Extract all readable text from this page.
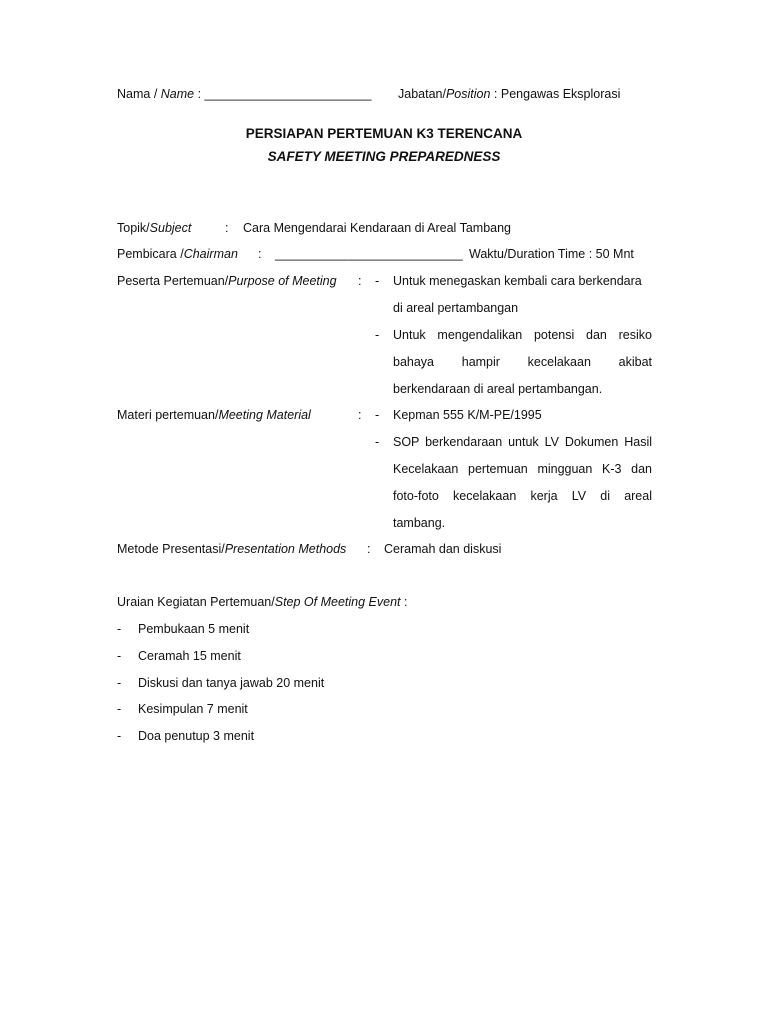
Nama / Name : ________________________ Jabatan/Position : Pengawas Eksplorasi
PERSIAPAN PERTEMUAN K3 TERENCANA
SAFETY MEETING PREPAREDNESS
Topik/Subject	: Cara Mengendarai Kendaraan di Areal Tambang
Pembicara /Chairman : ___________________________ Waktu/Duration Time : 50 Mnt
Peserta Pertemuan/Purpose of Meeting : - Untuk menegaskan kembali cara berkendara
di areal pertambangan
- Untuk mengendalikan potensi dan resiko
bahaya hampir kecelakaan akibat
berkendaraan di areal pertambangan.
Materi pertemuan/Meeting Material	: - Kepman 555 K/M-PE/1995
- SOP berkendaraan untuk LV Dokumen Hasil
Kecelakaan pertemuan mingguan K-3 dan
foto-foto kecelakaan kerja LV di areal
tambang.
Metode Presentasi/Presentation Methods : Ceramah dan diskusi
Uraian Kegiatan Pertemuan/Step Of Meeting Event :
- Pembukaan 5 menit
- Ceramah 15 menit
- Diskusi dan tanya jawab 20 menit
- Kesimpulan 7 menit
- Doa penutup 3 menit
